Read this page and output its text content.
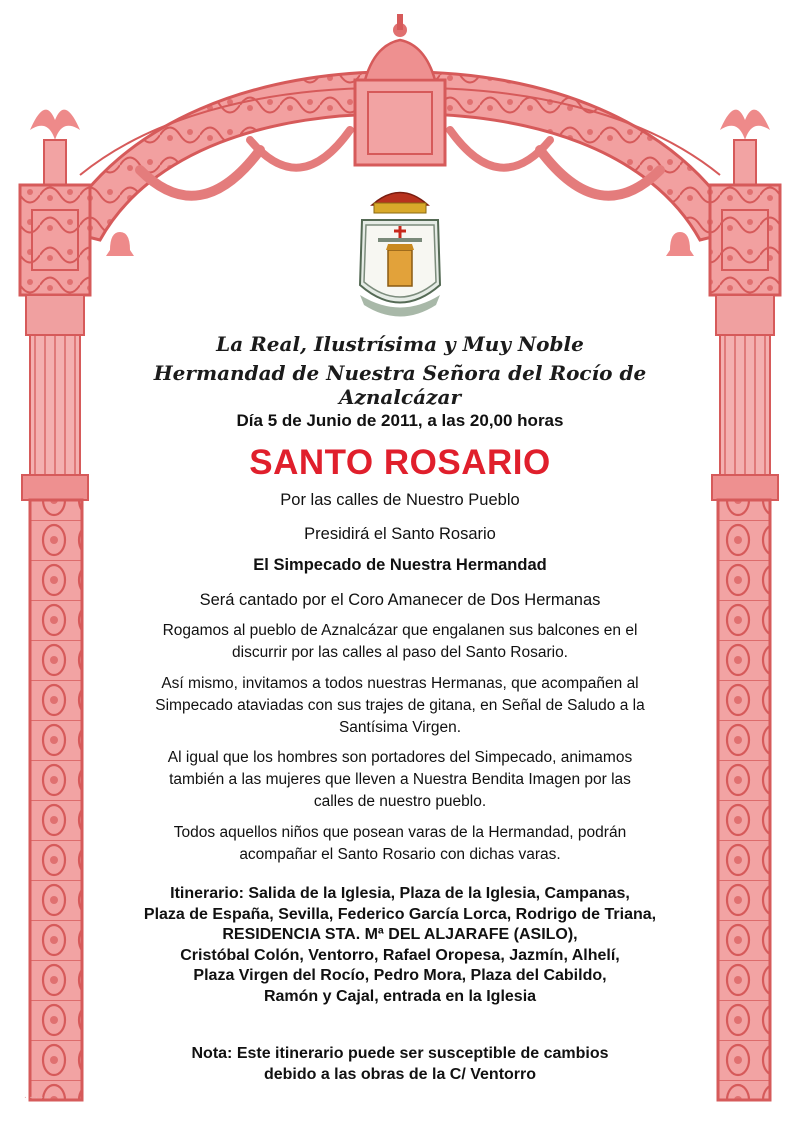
. . . . .

La Real, Ilustrísima y Muy Noble

Hermandad de Nuestra Señora del Rocío de Aznalcázar

Día 5 de Junio de 2011, a las 20,00 horas

SANTO ROSARIO

Por las calles de Nuestro Pueblo

Presidirá el Santo Rosario

El Simpecado de Nuestra Hermandad

Será cantado por el Coro Amanecer de Dos Hermanas

Rogamos al pueblo de Aznalcázar que engalanen sus balcones en el
discurrir por las calles al paso del Santo Rosario.
Así mismo, invitamos a todos nuestras Hermanas, que acompañen al
Simpecado ataviadas con sus trajes de gitana, en Señal de Saludo a la
Santísima Virgen.
Al igual que los hombres son portadores del Simpecado, animamos
también a las mujeres que lleven a Nuestra Bendita Imagen por las
calles de nuestro pueblo.
Todos aquellos niños que posean varas de la Hermandad, podrán
acompañar el Santo Rosario con dichas varas.
Itinerario: Salida de la Iglesia, Plaza de la Iglesia, Campanas,
Plaza de España, Sevilla, Federico García Lorca, Rodrigo de Triana,
RESIDENCIA STA. Mª DEL ALJARAFE (ASILO),
Cristóbal Colón, Ventorro, Rafael Oropesa, Jazmín, Alhelí,
Plaza Virgen del Rocío, Pedro Mora, Plaza del Cabildo,
Ramón y Cajal, entrada en la Iglesia
Nota: Este itinerario puede ser susceptible de cambios
debido a las obras de la C/ Ventorro
